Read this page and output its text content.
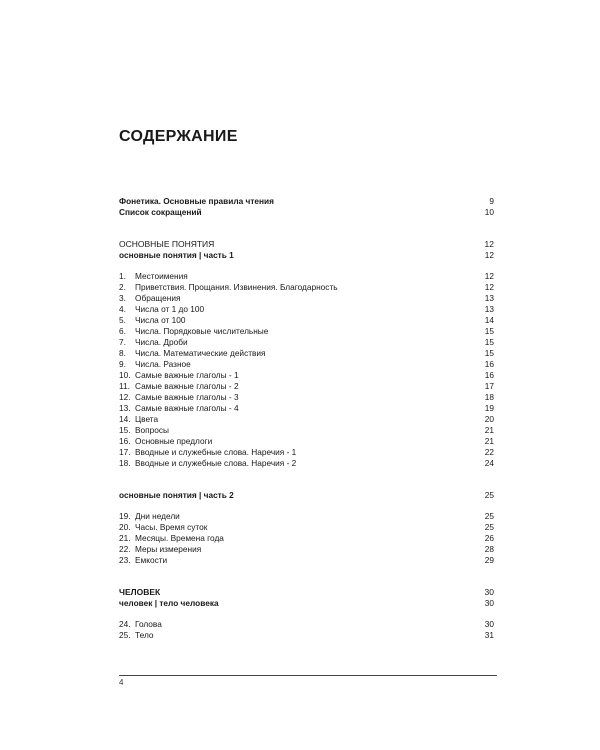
СОДЕРЖАНИЕ
Фонетика. Основные правила чтения	9
Список сокращений	10
ОСНОВНЫЕ ПОНЯТИЯ	12
основные понятия | часть 1	12
1. Местоимения	12
2. Приветствия. Прощания. Извинения. Благодарность	12
3. Обращения	13
4. Числа от 1 до 100	13
5. Числа от 100	14
6. Числа. Порядковые числительные	15
7. Числа. Дроби	15
8. Числа. Математические действия	15
9. Числа. Разное	16
10. Самые важные глаголы - 1	16
11. Самые важные глаголы - 2	17
12. Самые важные глаголы - 3	18
13. Самые важные глаголы - 4	19
14. Цвета	20
15. Вопросы	21
16. Основные предлоги	21
17. Вводные и служебные слова. Наречия - 1	22
18. Вводные и служебные слова. Наречия - 2	24
основные понятия | часть 2	25
19. Дни недели	25
20. Часы. Время суток	25
21. Месяцы. Времена года	26
22. Меры измерения	28
23. Емкости	29
ЧЕЛОВЕК	30
человек | тело человека	30
24. Голова	30
25. Тело	31
4
